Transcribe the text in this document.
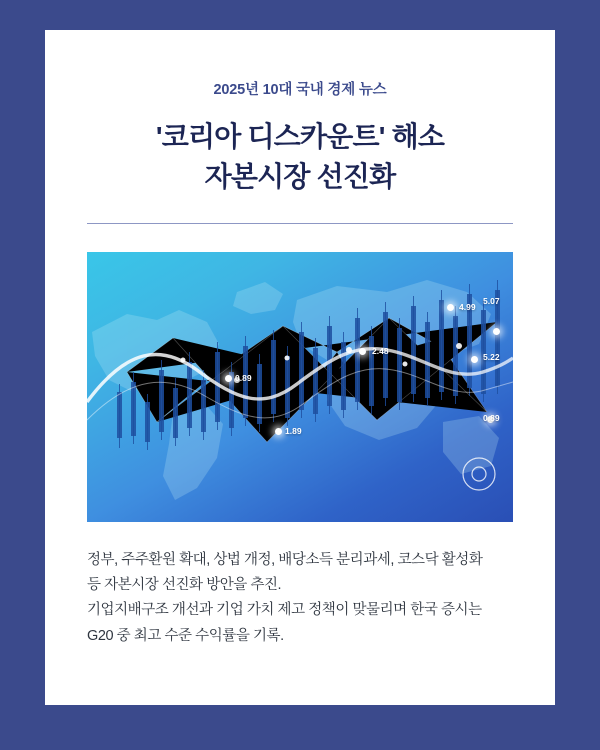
2025년 10대 국내 경제 뉴스
'코리아 디스카운트' 해소
자본시장 선진화
0.89
1.89
2.48
4.99
5.07
5.22
0.89

정부, 주주환원 확대, 상법 개정, 배당소득 분리과세, 코스닥 활성화

등 자본시장 선진화 방안을 추진.

기업지배구조 개선과 기업 가치 제고 정책이 맞물리며 한국 증시는

G20 중 최고 수준 수익률을 기록.
